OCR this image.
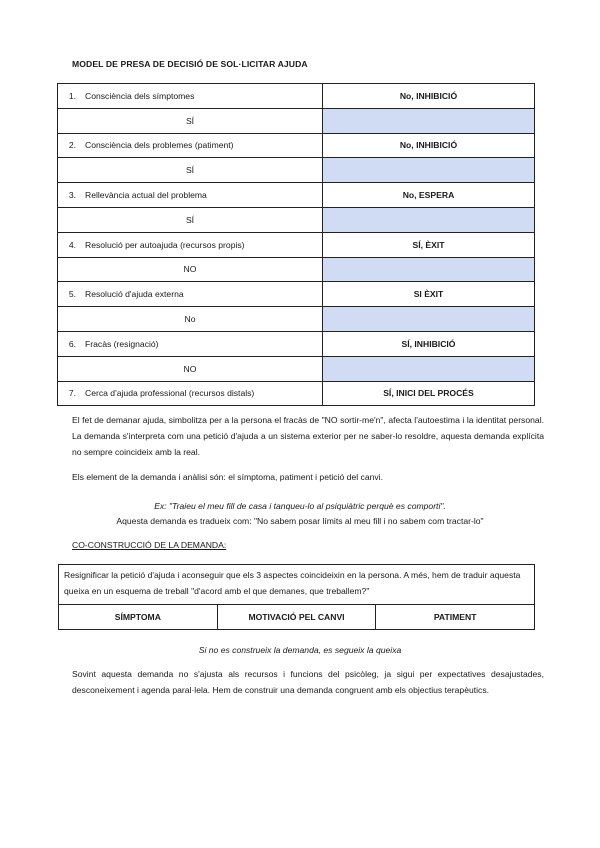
MODEL DE PRESA DE DECISIÓ DE SOL·LICITAR AJUDA
1. Consciència dels símptomes	No, INHIBICIÓ
SÍ	
2. Consciència dels problemes (patiment)	No, INHIBICIÓ
SÍ	
3. Rellevància actual del problema	No, ESPERA
SÍ	
4. Resolució per autoajuda (recursos propis)	SÍ, ÈXIT
NO	
5. Resolució d'ajuda externa	SI ÈXIT
No	
6. Fracàs (resignació)	SÍ, INHIBICIÓ
NO	
7. Cerca d'ajuda professional (recursos distals)	SÍ, INICI DEL PROCÉS
El fet de demanar ajuda, simbolitza per a la persona el fracàs de "NO sortir-me'n", afecta l'autoestima i la identitat personal. La demanda s'interpreta com una petició d'ajuda a un sistema exterior per ne saber-lo resoldre, aquesta demanda explícita no sempre coincideix amb la real.
Els element de la demanda i anàlisi són: el símptoma, patiment i petició del canvi.
Ex: "Traieu el meu fill de casa i tanqueu-lo al psiquiàtric perquè es comporti".
Aquesta demanda es tradueix com: "No sabem posar límits al meu fill i no sabem com tractar-lo"
CO-CONSTRUCCIÓ DE LA DEMANDA:
Resignificar la petició d'ajuda i aconseguir que els 3 aspectes coincideixin en la persona. A més, hem de traduir aquesta queixa en un esquema de treball "d'acord amb el que demanes, que treballem?"
SÍMPTOMA	MOTIVACIÓ PEL CANVI	PATIMENT
Si no es construeix la demanda, es segueix la queixa
Sovint aquesta demanda no s'ajusta als recursos i funcions del psicòleg, ja sigui per expectatives desajustades, desconeixement i agenda paral·lela. Hem de construir una demanda congruent amb els objectius terapèutics.
